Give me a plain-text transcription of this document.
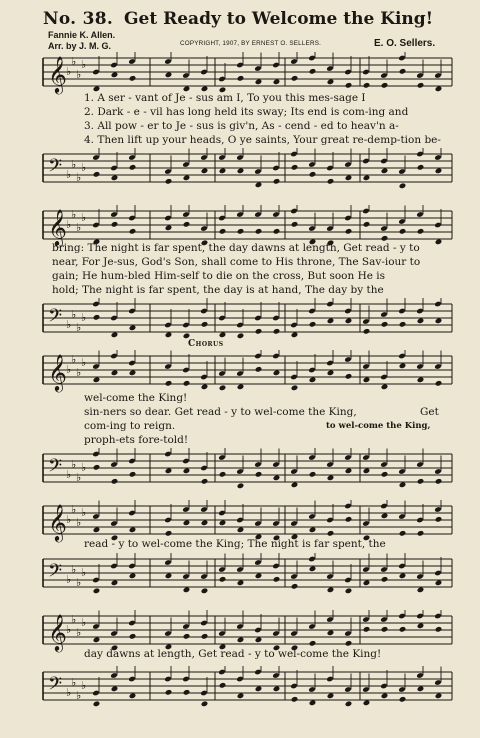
No. 38. Get Ready to Welcome the King!
Fannie K. Allen.
Arr. by J. M. G.	COPYRIGHT, 1907, BY ERNEST O. SELLERS.	E. O. Sellers.
𝄞 ♭
♭
♭
♭
1. A ser - vant of Je - sus am I, To you this mes-sage I
2. Dark - e - vil has long held its sway; Its end is com-ing and
3. All pow - er to Je - sus is giv'n, As - cend - ed to heav'n a-
4. Then lift up your heads, O ye saints, Your great re-demp-tion be-
𝄢 ♭
♭
♭
♭
𝄞 ♭
♭
♭
♭
bring: The night is far spent, the day dawns at length, Get read - y to
near, For Je-sus, God's Son, shall come to His throne, The Sav-iour to
gain; He hum-bled Him-self to die on the cross, But soon He is
hold; The night is far spent, the day is at hand, The day by the
𝄢 ♭
♭
♭
♭
Chorus
𝄞 ♭
♭
♭
♭
wel-come the King!
sin-ners so dear. Get read - y to wel-come the King,	Get
com-ing to reign.	to wel-come the King,
proph-ets fore-told!
𝄢 ♭
♭
♭
♭
𝄞 ♭
♭
♭
♭
read - y to wel-come the King; The night is far spent, the
𝄢 ♭
♭
♭
♭
𝄞 ♭
♭
♭
♭
day dawns at length, Get read - y to wel-come the King!
𝄢 ♭
♭
♭
♭
